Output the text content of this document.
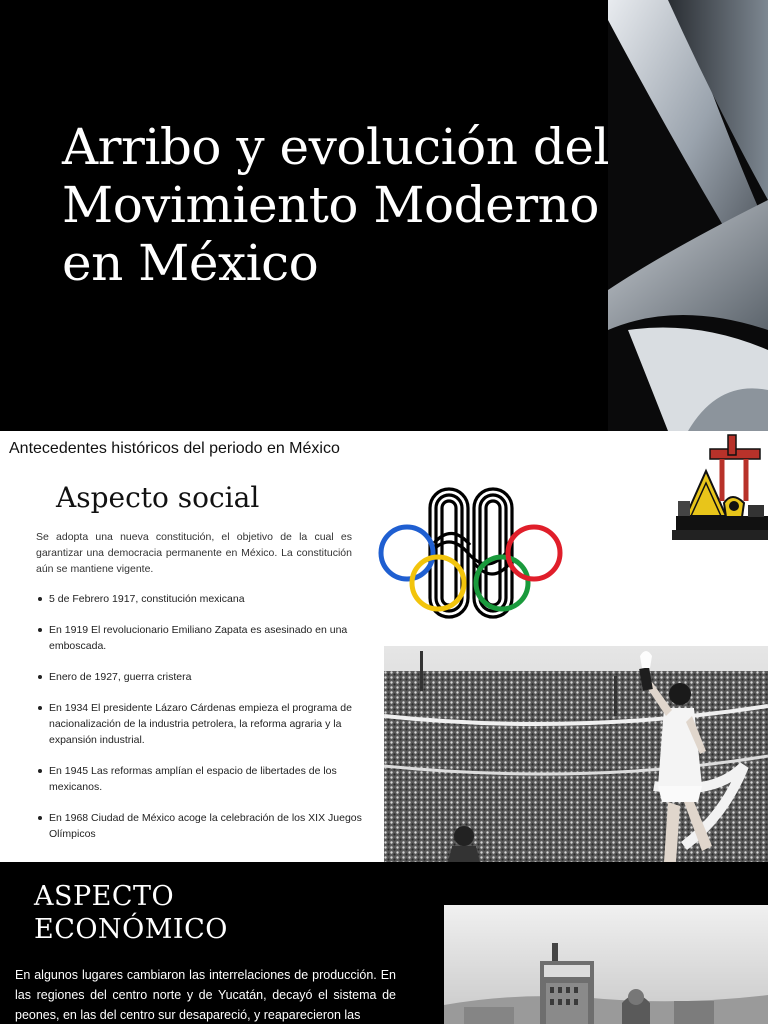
Arribo y evolución del
Movimiento Moderno
en México

Antecedentes históricos del periodo en México

Aspecto social

Se adopta una nueva constitución, el objetivo de la cual es garantizar una democracia permanente en México. La constitución aún se mantiene vigente.

5 de Febrero 1917, constitución mexicana
En 1919 El revolucionario Emiliano Zapata es asesinado en una emboscada.
Enero de 1927, guerra cristera
En 1934 El presidente Lázaro Cárdenas empieza el programa de nacionalización de la industria petrolera, la reforma agraria y la expansión industrial.
En 1945 Las reformas amplían el espacio de libertades de los mexicanos.
En 1968 Ciudad de México acoge la celebración de los XIX Juegos Olímpicos
ASPECTO
ECONÓMICO

En algunos lugares cambiaron las interrelaciones de producción. En las regiones del centro norte y de Yucatán, decayó el sistema de peones, en las del centro sur desapareció, y reaparecieron las
